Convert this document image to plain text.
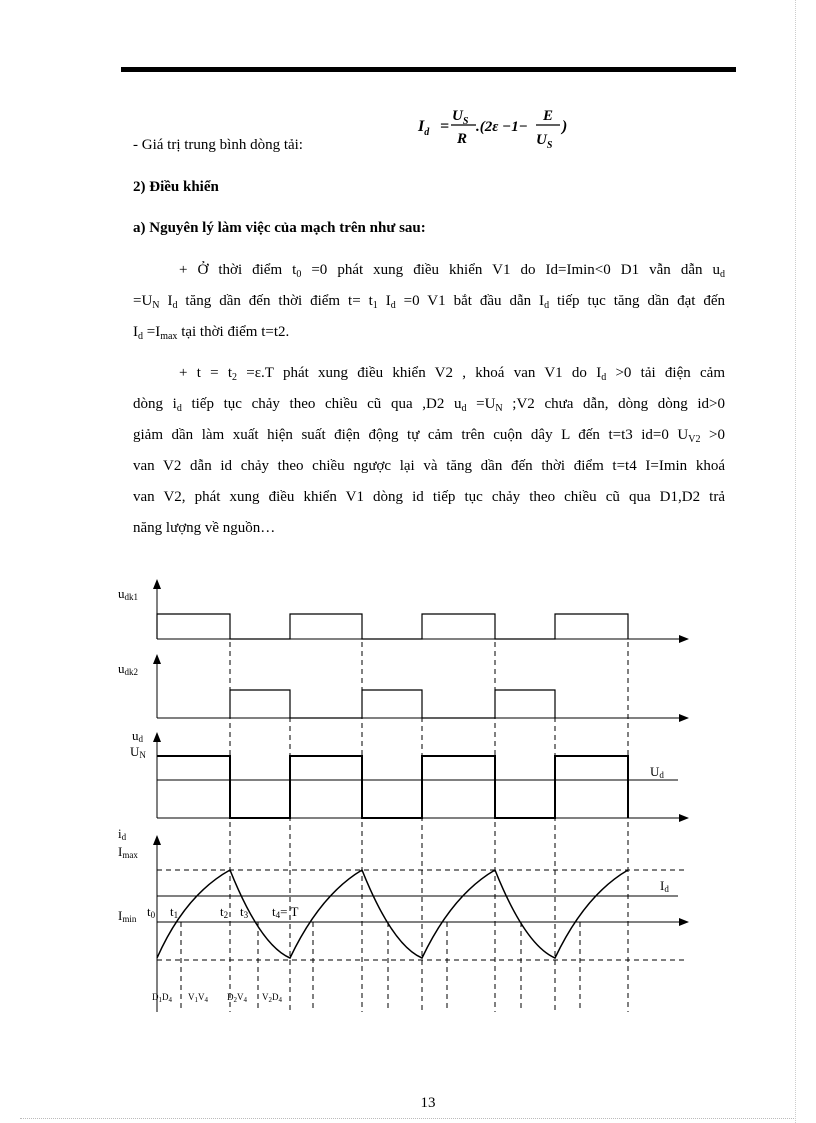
$I_d$ =
$U_S$
R
.(2ε −1−
E
$U_S$
)
- Giá trị trung bình dòng tải:
2) Điều khiển
a) Nguyên lý làm việc của mạch trên như sau:
+ Ở thời điểm $t_0 =0$ phát xung điều khiển V1 do Id=Imin<0 D1 vẫn dẫn $u_d$
$=U_N$ $I_d$ tăng dần đến thời điểm $t= t_1$ $I_d =0$ V1 bắt đầu dẫn $I_d$ tiếp tục tăng dần đạt đến
$I_d =I_{max}$ tại thời điểm t=t2.
+ $t = t_2 =\varepsilon.T$ phát xung điều khiển V2 , khoá van V1 do $I_d >0$ tải điện cảm
dòng $i_d$ tiếp tục chảy theo chiều cũ qua ,D2 $u_d =U_N$ ;V2 chưa dẫn, dòng dòng id>0
giảm dần làm xuất hiện suất điện động tự cảm trên cuộn dây L đến t=t3 id=0 $U_{V2} >0$
van V2 dẫn id chảy theo chiều ngược lại và tăng dần đến thời điểm t=t4 I=Imin khoá
van V2, phát xung điều khiển V1 dòng id tiếp tục chảy theo chiều cũ qua D1,D2 trả
năng lượng về nguồn…
udk1
udk2
ud
UN
Ud
id
Imax
Id
Imin t0 t1	t2 t3 t4= T
$D_1D_4$ $V_1V_4$ $D_2V_4$ $V_2D_4$
13
